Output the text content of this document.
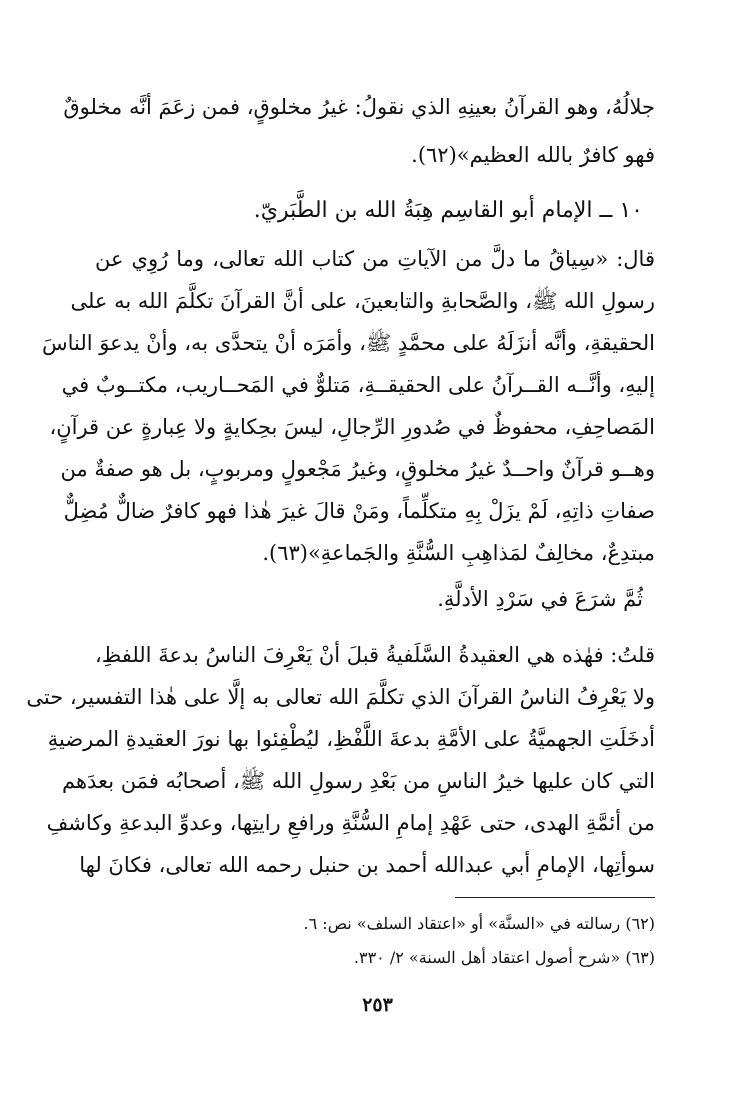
جلالُهُ، وهو القرآنُ بعينِهِ الذي نقولُ: غيرُ مخلوقٍ، فمن زعَمَ أنَّه مخلوقٌ
فهو كافرٌ بالله العظيم»(٦٢).
١٠ ــ الإمام أبو القاسِم هِبَةُ الله بن الطَّبَريّ.
قال: «سِياقُ ما دلَّ من الآياتِ من كتاب الله تعالى، وما رُوِي عن
رسولِ الله ﷺ، والصَّحابةِ والتابعينَ، على أنَّ القرآنَ تكلَّمَ الله به على
الحقيقةِ، وأنَّه أنزَلَهُ على محمَّدٍ ﷺ، وأمَرَه أنْ يتحدَّى به، وأنْ يدعوَ الناسَ
إليهِ، وأنَّــه القــرآنُ على الحقيقــةِ، مَتلوٌّ في المَحــاريب، مكتــوبٌ في
المَصاحِفِ، محفوظٌ في صُدورِ الرِّجالِ، ليسَ بحِكايةٍ ولا عِبارةٍ عن قرآنٍ،
وهــو قرآنٌ واحــدٌ غيرُ مخلوقٍ، وغيرُ مَجْعولٍ ومربوبٍ، بل هو صفةٌ من
صفاتِ ذاتِهِ، لَمْ يزَلْ بِهِ متكلِّماً، ومَنْ قالَ غيرَ هٰذا فهو كافرٌ ضالٌّ مُضِلٌّ
مبتدِعٌ، مخالِفٌ لمَذاهِبِ السُّنَّةِ والجَماعةِ»(٦٣).
ثُمَّ شرَعَ في سَرْدِ الأدلَّةِ.
قلتُ: فهٰذه هي العقيدةُ السَّلَفيةُ قبلَ أنْ يَعْرِفَ الناسُ بدعةَ اللفظِ،
ولا يَعْرِفُ الناسُ القرآنَ الذي تكلَّمَ الله تعالى به إلَّا على هٰذا التفسير، حتى
أدخَلَتِ الجهميَّةُ على الأمَّةِ بدعةَ اللَّفْظِ، ليُطْفِئوا بها نورَ العقيدةِ المرضيةِ
التي كان عليها خيرُ الناسِ من بَعْدِ رسولِ الله ﷺ، أصحابُه فمَن بعدَهم
من أئمَّةِ الهدى، حتى عَهْدِ إمامِ السُّنَّةِ ورافعِ رايتِها، وعدوِّ البدعةِ وكاشفِ
سوأتِها، الإمامِ أبي عبدالله أحمد بن حنبل رحمه الله تعالى، فكانَ لها
(٦٢) رسالته في «السنَّة» أو «اعتقاد السلف» نص: ٦.
(٦٣) «شرح أصول اعتقاد أهل السنة» ٢/ ٣٣٠.
٢٥٣
